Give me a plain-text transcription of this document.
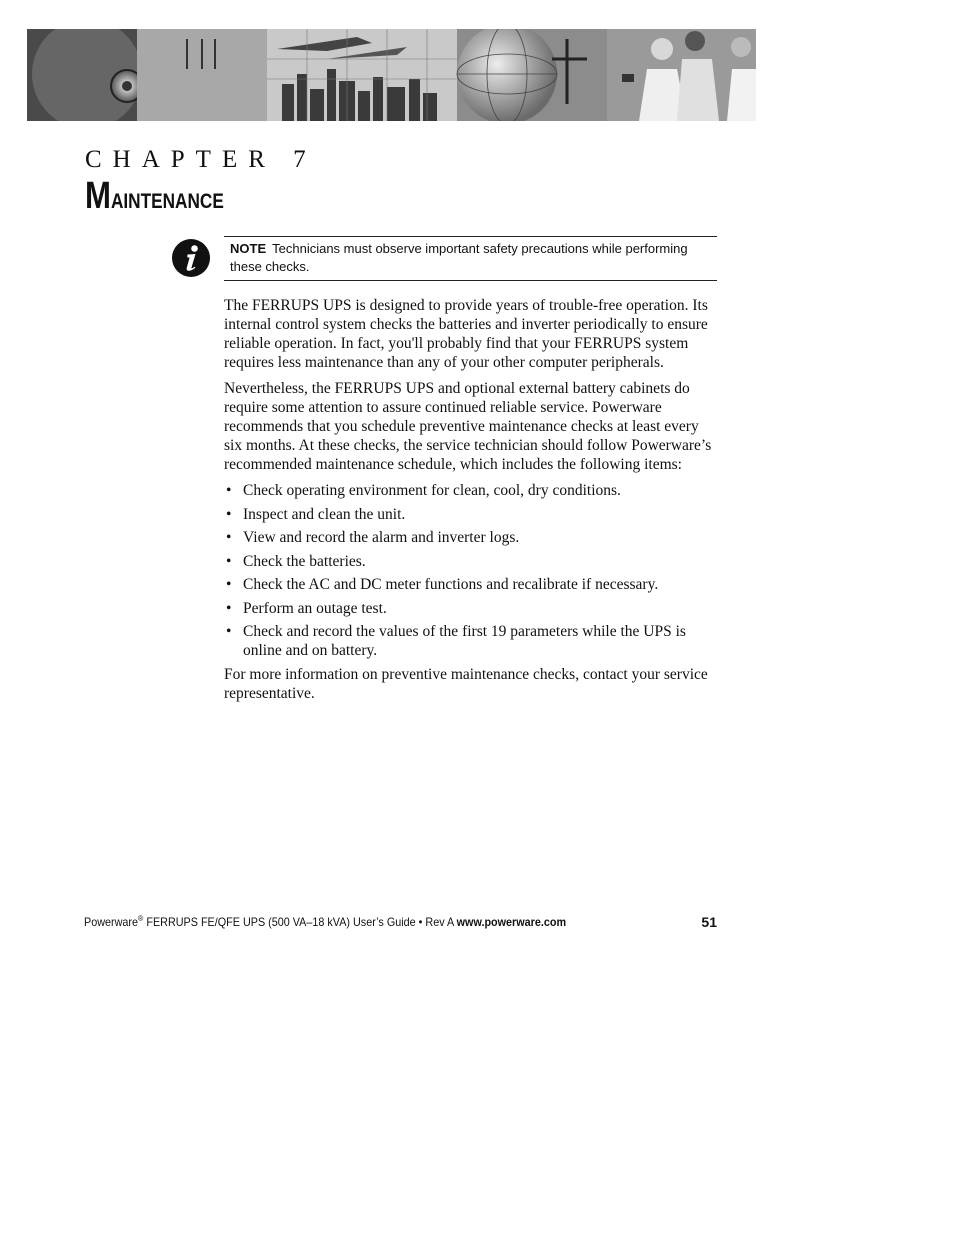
CHAPTER 7
Maintenance
NOTE Technicians must observe important safety precautions while performing these checks.

The FERRUPS UPS is designed to provide years of trouble-free operation. Its internal control system checks the batteries and inverter periodically to ensure reliable operation. In fact, you'll probably find that your FERRUPS system requires less maintenance than any of your other computer peripherals.

Nevertheless, the FERRUPS UPS and optional external battery cabinets do require some attention to assure continued reliable service. Powerware recommends that you schedule preventive maintenance checks at least every six months. At these checks, the service technician should follow Powerware’s recommended maintenance schedule, which includes the following items:

• Check operating environment for clean, cool, dry conditions.
• Inspect and clean the unit.
• View and record the alarm and inverter logs.
• Check the batteries.
• Check the AC and DC meter functions and recalibrate if necessary.
• Perform an outage test.
• Check and record the values of the first 19 parameters while the UPS is online and on battery.

For more information on preventive maintenance checks, contact your service representative.

Powerware® FERRUPS FE/QFE UPS (500 VA–18 kVA) User’s Guide • Rev A www.powerware.com	51
